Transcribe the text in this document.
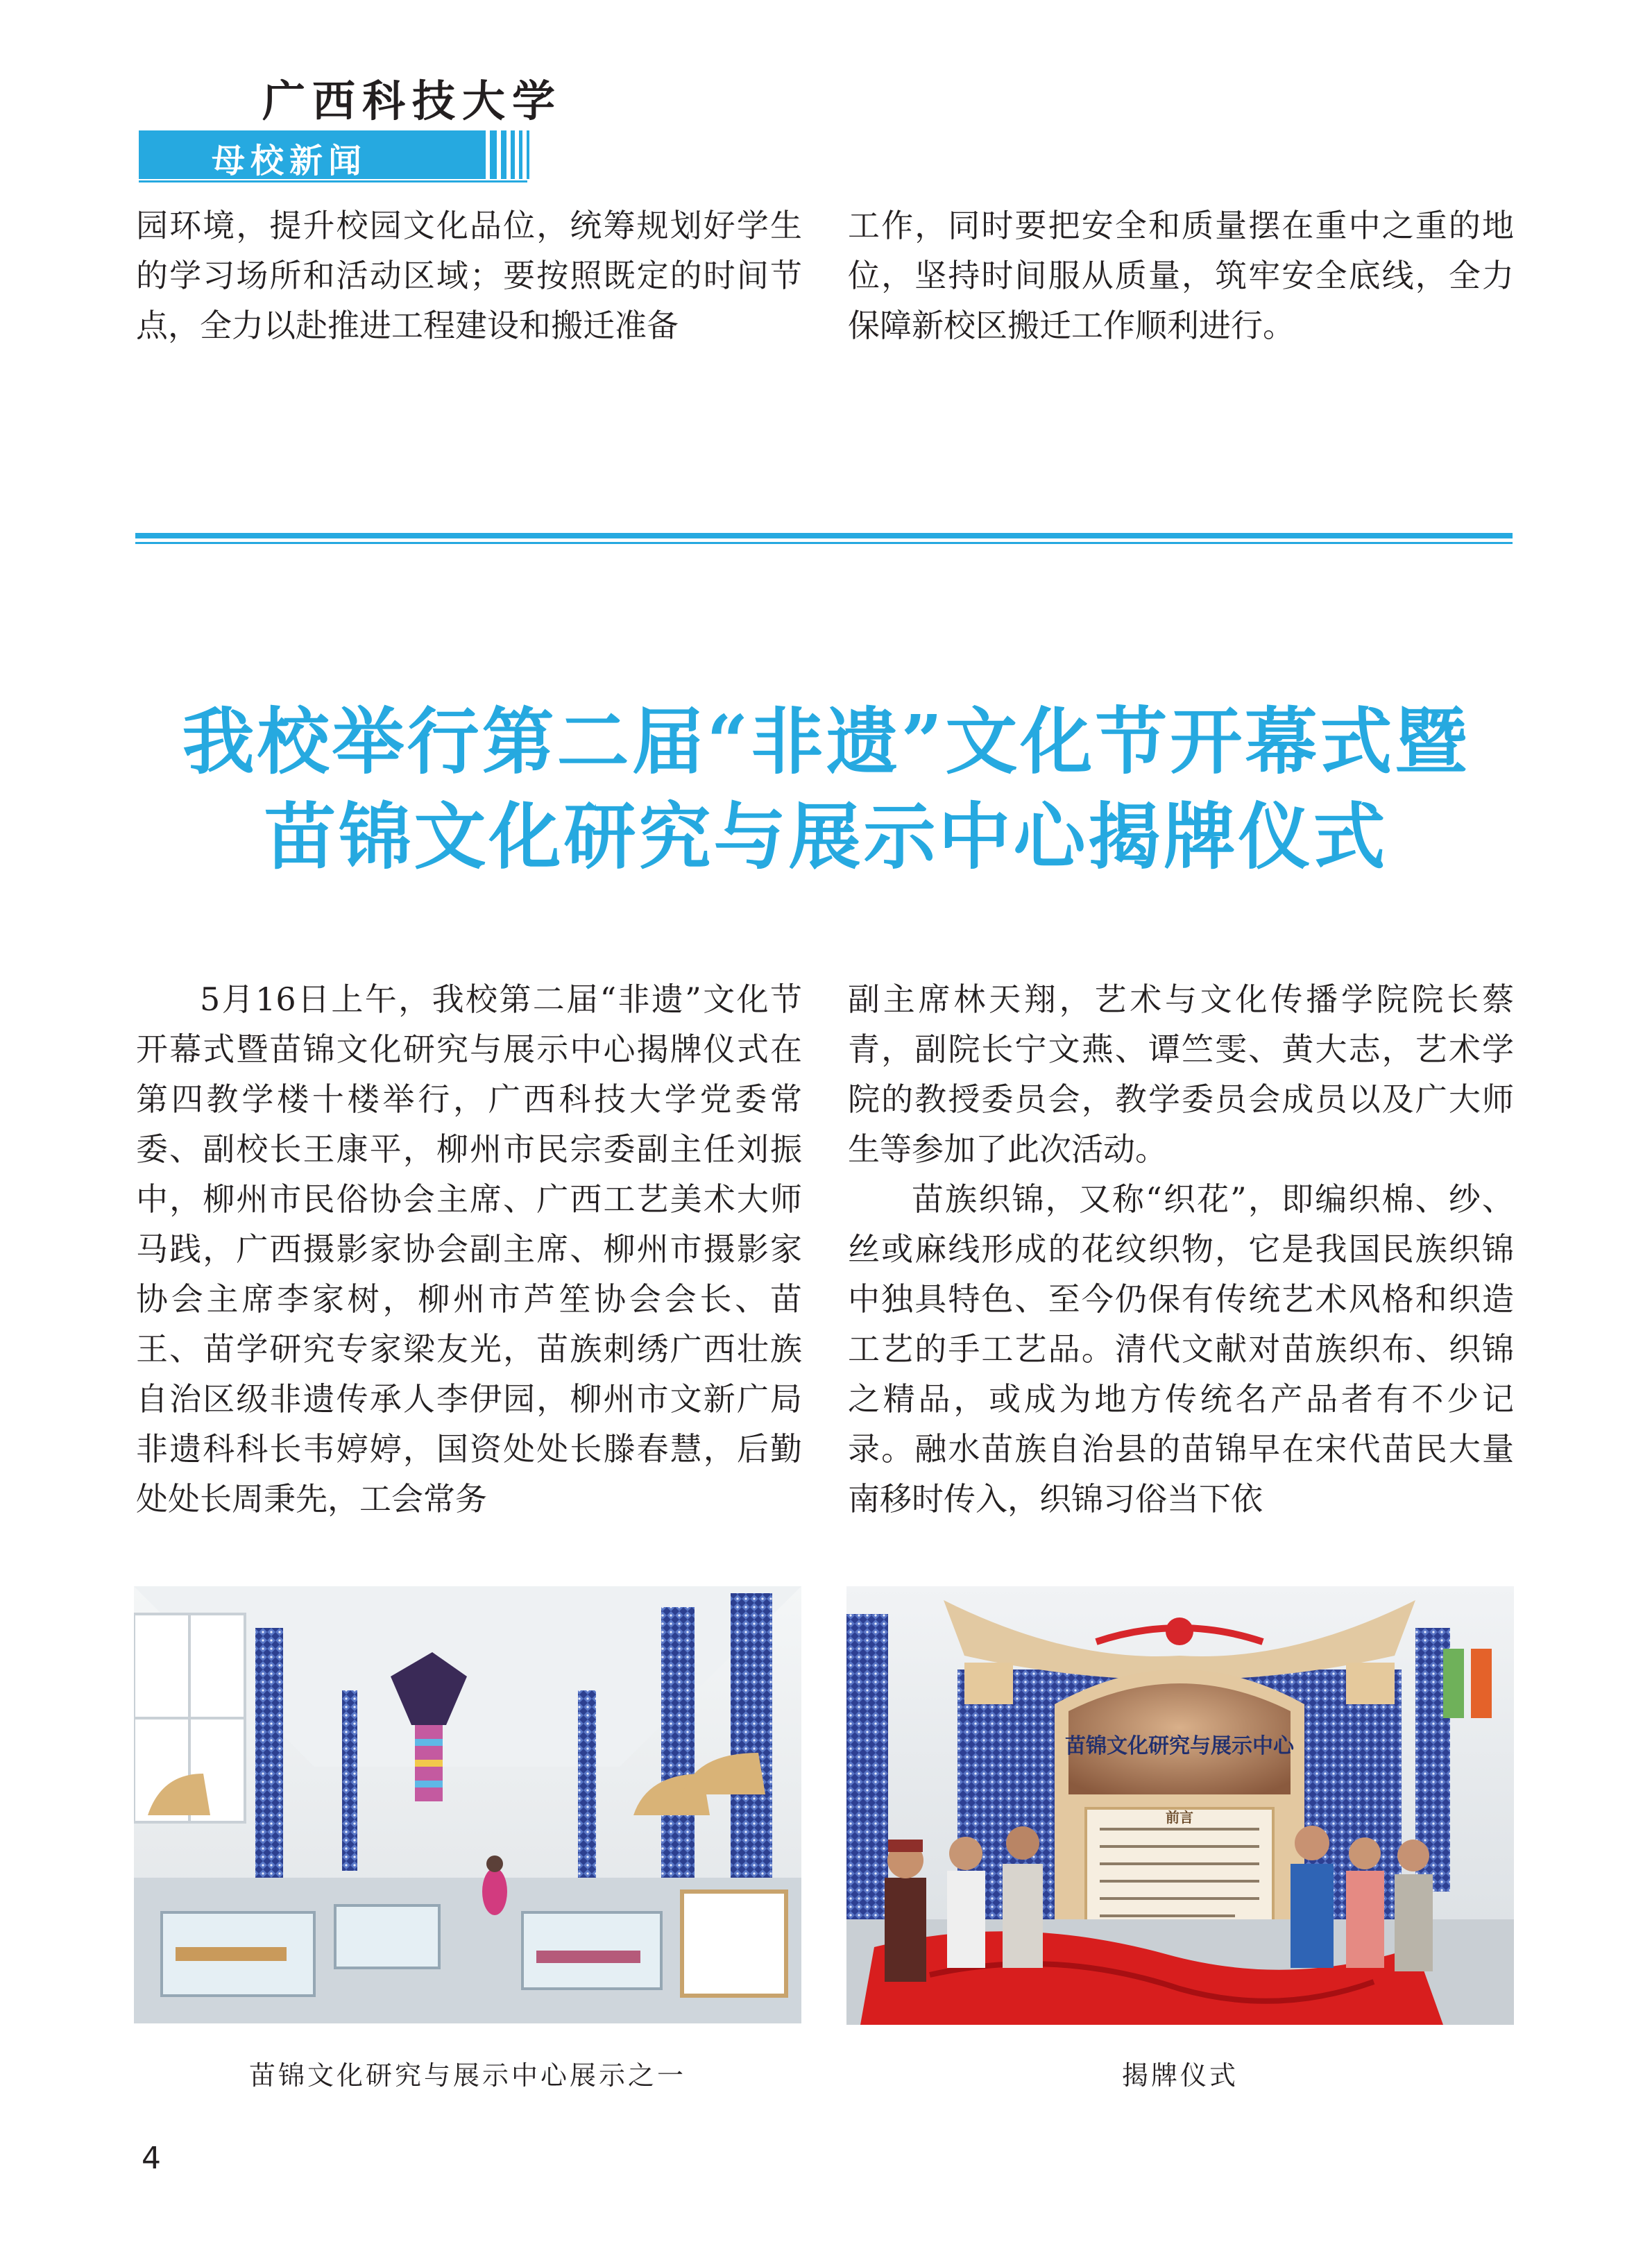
广西科技大学
母校新闻
园环境，提升校园文化品位，统筹规划好学生的学习场所和活动区域；要按照既定的时间节点，全力以赴推进工程建设和搬迁准备
工作，同时要把安全和质量摆在重中之重的地位，坚持时间服从质量，筑牢安全底线，全力保障新校区搬迁工作顺利进行。
我校举行第二届“非遗”文化节开幕式暨
苗锦文化研究与展示中心揭牌仪式

5月16日上午，我校第二届“非遗”文化节开幕式暨苗锦文化研究与展示中心揭牌仪式在第四教学楼十楼举行，广西科技大学党委常委、副校长王康平，柳州市民宗委副主任刘振中，柳州市民俗协会主席、广西工艺美术大师马践，广西摄影家协会副主席、柳州市摄影家协会主席李家树，柳州市芦笙协会会长、苗王、苗学研究专家梁友光，苗族刺绣广西壮族自治区级非遗传承人李伊园，柳州市文新广局非遗科科长韦婷婷，国资处处长滕春慧，后勤处处长周秉先，工会常务

副主席林天翔，艺术与文化传播学院院长蔡青，副院长宁文燕、谭竺雯、黄大志，艺术学院的教授委员会，教学委员会成员以及广大师生等参加了此次活动。

苗族织锦，又称“织花”，即编织棉、纱、丝或麻线形成的花纹织物，它是我国民族织锦中独具特色、至今仍保有传统艺术风格和织造工艺的手工艺品。清代文献对苗族织布、织锦之精品，或成为地方传统名产品者有不少记录。融水苗族自治县的苗锦早在宋代苗民大量南移时传入，织锦习俗当下依

苗锦文化研究与展示中心展示之一
苗锦文化研究与展示中心
前言
揭牌仪式
4
